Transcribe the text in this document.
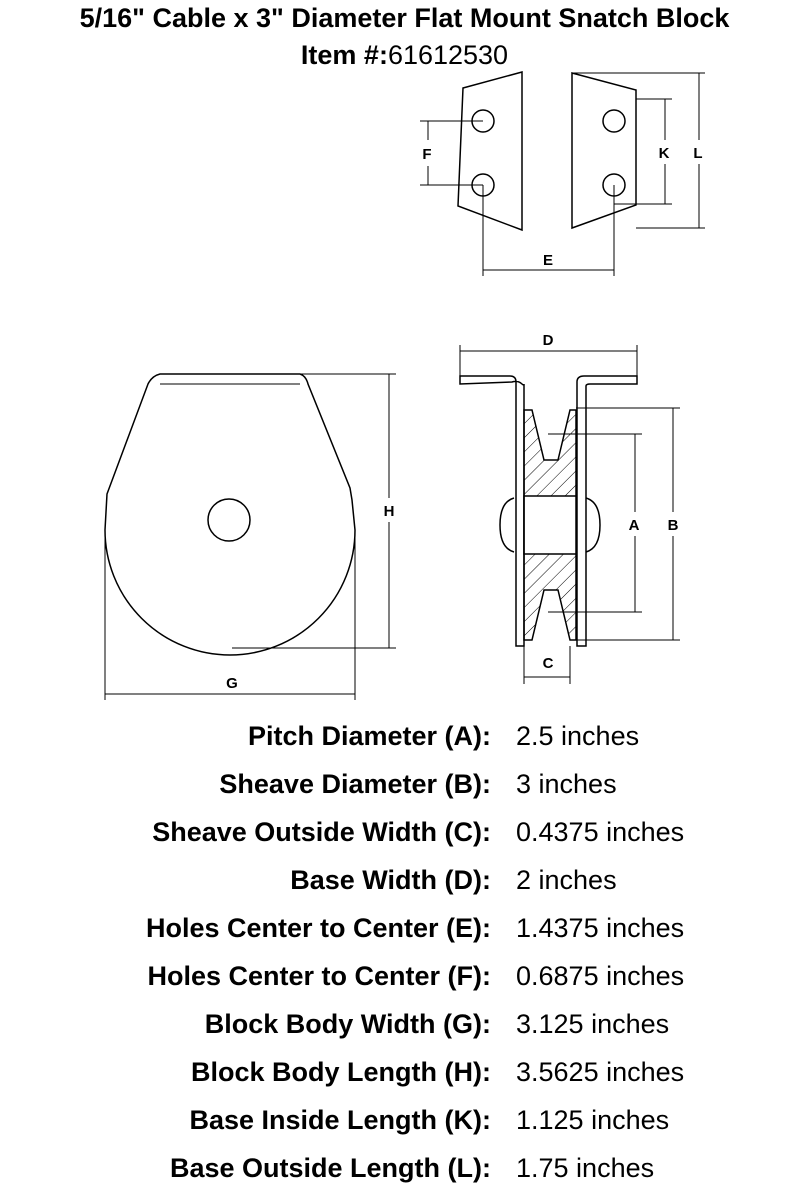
5/16" Cable x 3" Diameter Flat Mount Snatch Block
Item #:61612530
F	K L
E
G
H
D
A B
C
Pitch Diameter (A): 2.5 inches
Sheave Diameter (B): 3 inches
Sheave Outside Width (C): 0.4375 inches
Base Width (D): 2 inches
Holes Center to Center (E): 1.4375 inches
Holes Center to Center (F): 0.6875 inches
Block Body Width (G): 3.125 inches
Block Body Length (H): 3.5625 inches
Base Inside Length (K): 1.125 inches
Base Outside Length (L): 1.75 inches
